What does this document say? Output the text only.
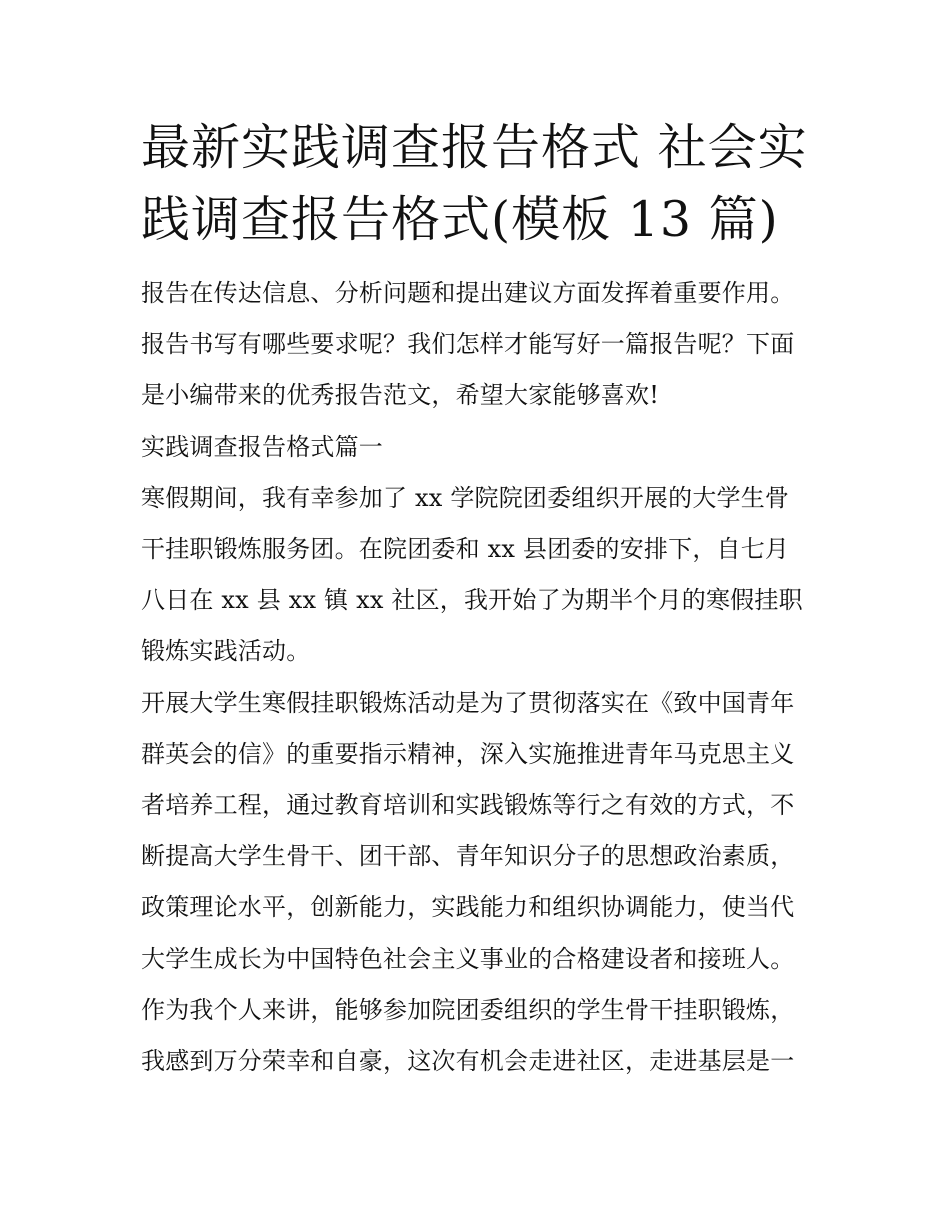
最新实践调查报告格式 社会实
践调查报告格式(模板 13 篇)
报告在传达信息、分析问题和提出建议方面发挥着重要作用。
报告书写有哪些要求呢？我们怎样才能写好一篇报告呢？下面
是小编带来的优秀报告范文，希望大家能够喜欢!
实践调查报告格式篇一
寒假期间，我有幸参加了 xx 学院院团委组织开展的大学生骨
干挂职锻炼服务团。在院团委和 xx 县团委的安排下，自七月
八日在 xx 县 xx 镇 xx 社区，我开始了为期半个月的寒假挂职
锻炼实践活动。
开展大学生寒假挂职锻炼活动是为了贯彻落实在《致中国青年
群英会的信》的重要指示精神，深入实施推进青年马克思主义
者培养工程，通过教育培训和实践锻炼等行之有效的方式，不
断提高大学生骨干、团干部、青年知识分子的思想政治素质，
政策理论水平，创新能力，实践能力和组织协调能力，使当代
大学生成长为中国特色社会主义事业的合格建设者和接班人。
作为我个人来讲，能够参加院团委组织的学生骨干挂职锻炼，
我感到万分荣幸和自豪，这次有机会走进社区，走进基层是一
